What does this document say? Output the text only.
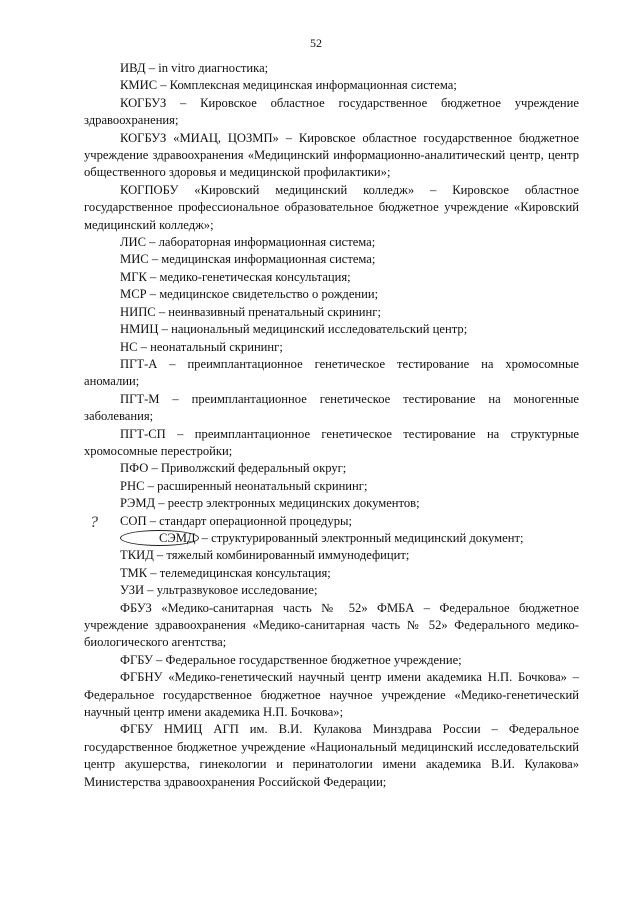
52
?

ИВД – in vitro диагностика;

КМИС – Комплексная медицинская информационная система;

КОГБУЗ – Кировское областное государственное бюджетное учреждение здравоохранения;

КОГБУЗ «МИАЦ, ЦОЗМП» – Кировское областное государственное бюджетное учреждение здравоохранения «Медицинский информационно-аналитический центр, центр общественного здоровья и медицинской профилактики»;

КОГПОБУ «Кировский медицинский колледж» – Кировское областное государственное профессиональное образовательное бюджетное учреждение «Кировский медицинский колледж»;

ЛИС – лабораторная информационная система;

МИС – медицинская информационная система;

МГК – медико-генетическая консультация;

МСР – медицинское свидетельство о рождении;

НИПС – неинвазивный пренатальный скрининг;

НМИЦ – национальный медицинский исследовательский центр;

НС – неонатальный скрининг;

ПГТ-А – преимплантационное генетическое тестирование на хромосомные аномалии;

ПГТ-М – преимплантационное генетическое тестирование на моногенные заболевания;

ПГТ-СП – преимплантационное генетическое тестирование на структурные хромосомные перестройки;

ПФО – Приволжский федеральный округ;

РНС – расширенный неонатальный скрининг;

РЭМД – реестр электронных медицинских документов;

СОП – стандарт операционной процедуры;

СЭМД – структурированный электронный медицинский документ;

ТКИД – тяжелый комбинированный иммунодефицит;

ТМК – телемедицинская консультация;

УЗИ – ультразвуковое исследование;

ФБУЗ «Медико-санитарная часть № 52» ФМБА – Федеральное бюджетное учреждение здравоохранения «Медико-санитарная часть № 52» Федерального медико-биологического агентства;

ФГБУ – Федеральное государственное бюджетное учреждение;

ФГБНУ «Медико-генетический научный центр имени академика Н.П. Бочкова» – Федеральное государственное бюджетное научное учреждение «Медико-генетический научный центр имени академика Н.П. Бочкова»;

ФГБУ НМИЦ АГП им. В.И. Кулакова Минздрава России – Федеральное государственное бюджетное учреждение «Национальный медицинский исследовательский центр акушерства, гинекологии и перинатологии имени академика В.И. Кулакова» Министерства здравоохранения Российской Федерации;
